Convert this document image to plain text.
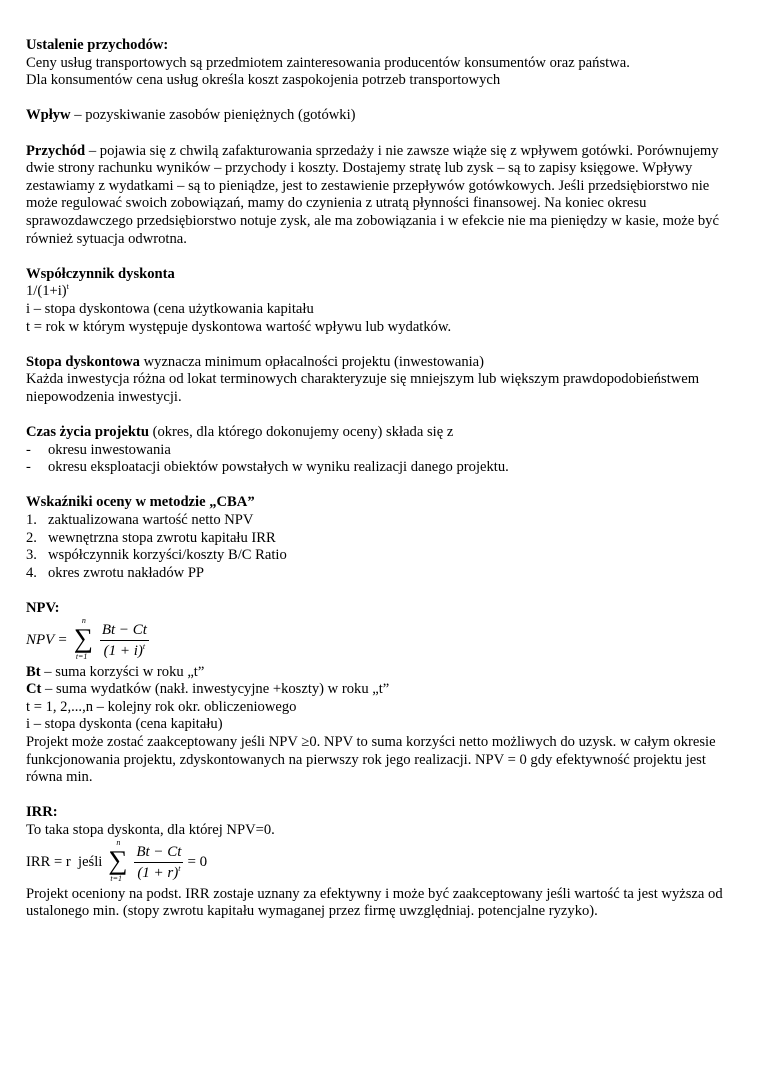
Ustalenie przychodów:

Ceny usług transportowych są przedmiotem zainteresowania producentów konsumentów oraz państwa.

Dla konsumentów cena usług określa koszt zaspokojenia potrzeb transportowych

Wpływ – pozyskiwanie zasobów pieniężnych (gotówki)

Przychód – pojawia się z chwilą zafakturowania sprzedaży i nie zawsze wiąże się z wpływem gotówki. Porównujemy dwie strony rachunku wyników – przychody i koszty. Dostajemy stratę lub zysk – są to zapisy księgowe. Wpływy zestawiamy z wydatkami – są to pieniądze, jest to zestawienie przepływów gotówkowych. Jeśli przedsiębiorstwo nie może regulować swoich zobowiązań, mamy do czynienia z utratą płynności finansowej. Na koniec okresu sprawozdawczego przedsiębiorstwo notuje zysk, ale ma zobowiązania i w efekcie nie ma pieniędzy w kasie, może być również sytuacja odwrotna.

Współczynnik dyskonta

$1/(1+i)^t$

i – stopa dyskontowa (cena użytkowania kapitału

t = rok w którym występuje dyskontowa wartość wpływu lub wydatków.

Stopa dyskontowa wyznacza minimum opłacalności projektu (inwestowania)

Każda inwestycja różna od lokat terminowych charakteryzuje się mniejszym lub większym prawdopodobieństwem niepowodzenia inwestycji.

Czas życia projektu (okres, dla którego dokonujemy oceny) składa się z

-	okresu inwestowania
-	okresu eksploatacji obiektów powstałych w wyniku realizacji danego projektu.

Wskaźniki oceny w metodzie „CBA”

1. zaktualizowana wartość netto NPV
2. wewnętrzna stopa zwrotu kapitału IRR
3. współczynnik korzyści/koszty B/C Ratio
4. okres zwrotu nakładów PP

NPV:

NPV =
n
∑
$t=1 \frac{Bt - Ct}{(1 + i)^t}$

Bt – suma korzyści w roku „t”

Ct – suma wydatków (nakł. inwestycyjne +koszty) w roku „t”

t = 1, 2,...,n – kolejny rok okr. obliczeniowego

i – stopa dyskonta (cena kapitału)

Projekt może zostać zaakceptowany jeśli NPV ≥0. NPV to suma korzyści netto możliwych do uzysk. w całym okresie funkcjonowania projektu, zdyskontowanych na pierwszy rok jego realizacji. NPV = 0 gdy efektywność projektu jest równa min.

IRR:

To taka stopa dyskonta, dla której NPV=0.

IRR = r  jeśli
n
∑
$t=1 \frac{Bt - Ct}{(1 + r)^t} = 0$

Projekt oceniony na podst. IRR zostaje uznany za efektywny i może być zaakceptowany jeśli wartość ta jest wyższa od ustalonego min. (stopy zwrotu kapitału wymaganej przez firmę uwzględniaj. potencjalne ryzyko).
